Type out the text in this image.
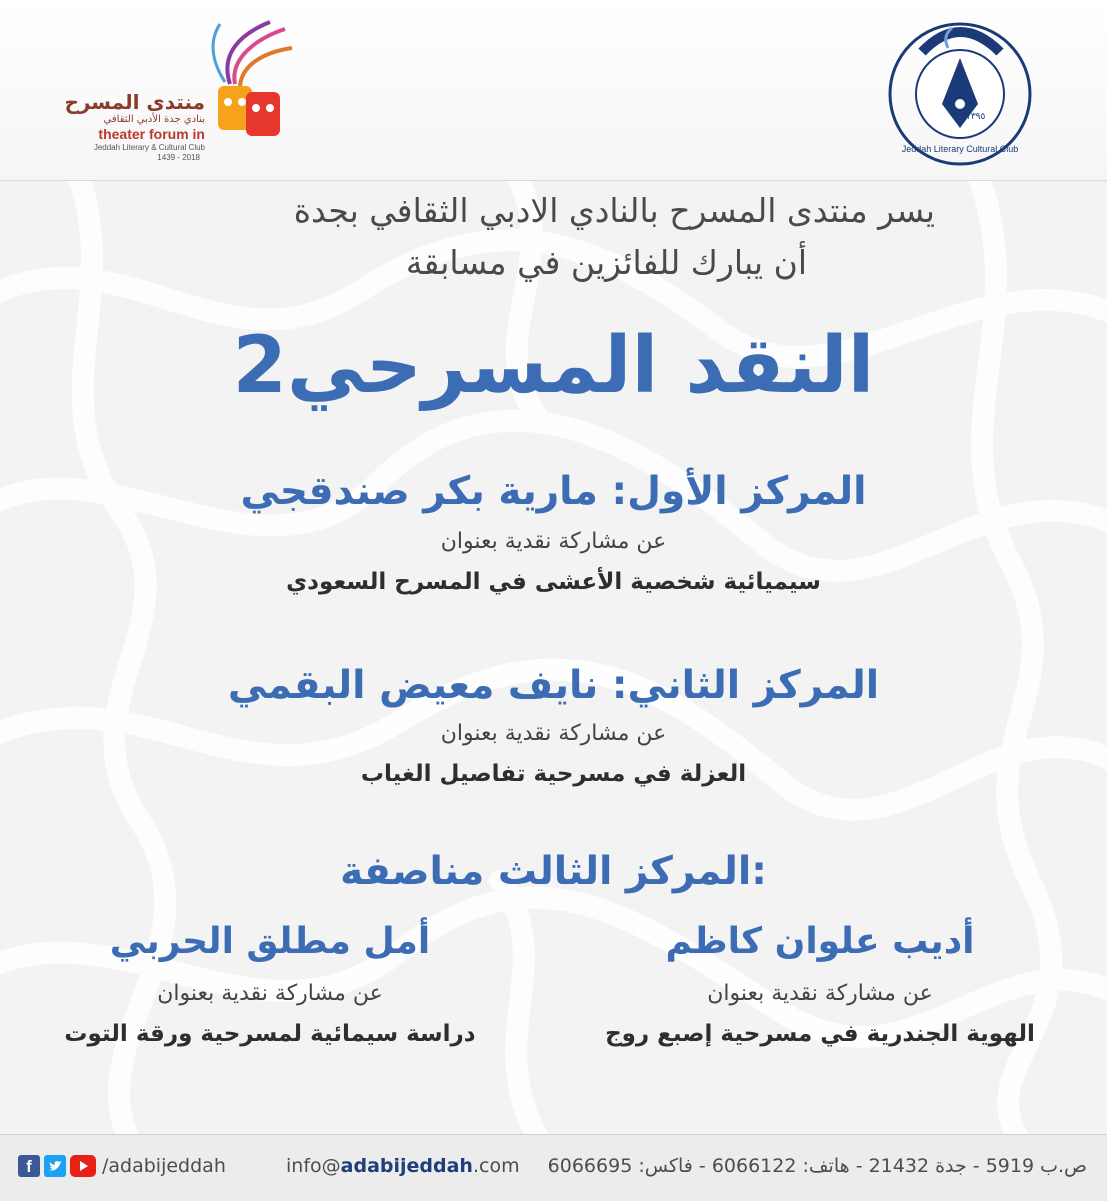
منتدى المسرح
بنادي جدة الأدبي الثقافي
theater forum in
Jeddah Literary & Cultural Club
1439 - 2018
Jeddah Literary Cultural Club
١٣٩٥هـ
يسر منتدى المسرح بالنادي الادبي الثقافي بجدة
أن يبارك للفائزين في مسابقة
النقد المسرحي2
المركز الأول: مارية بكر صندقجي
عن مشاركة نقدية بعنوان
سيميائية شخصية الأعشى في المسرح السعودي
المركز الثاني: نايف معيض البقمي
عن مشاركة نقدية بعنوان
العزلة في مسرحية تفاصيل الغياب
المركز الثالث مناصفة:
أديب علوان كاظم
عن مشاركة نقدية بعنوان
الهوية الجندرية في مسرحية إصبع روج
أمل مطلق الحربي
عن مشاركة نقدية بعنوان
دراسة سيمائية لمسرحية ورقة التوت
f	/adabijeddah	info@adabijeddah.com ص.ب 5919 - جدة 21432 - هاتف: 6066122 - فاكس: 6066695
